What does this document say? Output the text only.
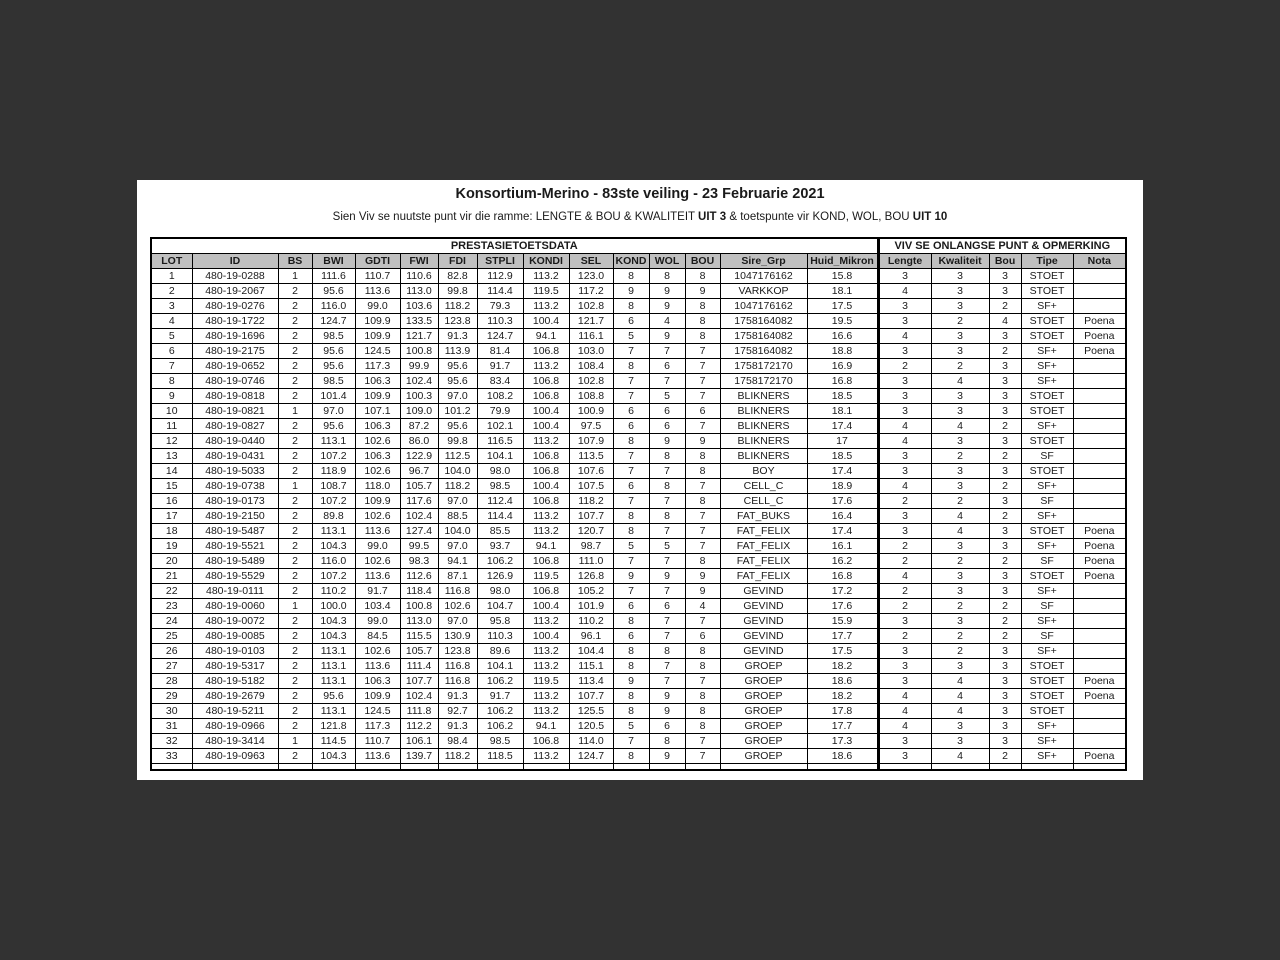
Konsortium-Merino - 83ste veiling - 23 Februarie 2021
Sien Viv se nuutste punt vir die ramme: LENGTE & BOU & KWALITEIT UIT 3 & toetspunte vir KOND, WOL, BOU UIT 10
PRESTASIETOETSDATA															VIV SE ONLANGSE PUNT & OPMERKING				
LOT	ID	BS	BWI	GDTI	FWI	FDI	STPLI	KONDI	SEL	KOND	WOL	BOU	Sire_Grp	Huid_Mikron	Lengte	Kwaliteit	Bou	Tipe	Nota
1	480-19-0288	1	111.6	110.7	110.6	82.8	112.9	113.2	123.0	8	8	8	1047176162	15.8	3	3	3	STOET	
2	480-19-2067	2	95.6	113.6	113.0	99.8	114.4	119.5	117.2	9	9	9	VARKKOP	18.1	4	3	3	STOET	
3	480-19-0276	2	116.0	99.0	103.6	118.2	79.3	113.2	102.8	8	9	8	1047176162	17.5	3	3	2	SF+	
4	480-19-1722	2	124.7	109.9	133.5	123.8	110.3	100.4	121.7	6	4	8	1758164082	19.5	3	2	4	STOET	Poena
5	480-19-1696	2	98.5	109.9	121.7	91.3	124.7	94.1	116.1	5	9	8	1758164082	16.6	4	3	3	STOET	Poena
6	480-19-2175	2	95.6	124.5	100.8	113.9	81.4	106.8	103.0	7	7	7	1758164082	18.8	3	3	2	SF+	Poena
7	480-19-0652	2	95.6	117.3	99.9	95.6	91.7	113.2	108.4	8	6	7	1758172170	16.9	2	2	3	SF+	
8	480-19-0746	2	98.5	106.3	102.4	95.6	83.4	106.8	102.8	7	7	7	1758172170	16.8	3	4	3	SF+	
9	480-19-0818	2	101.4	109.9	100.3	97.0	108.2	106.8	108.8	7	5	7	BLIKNERS	18.5	3	3	3	STOET	
10	480-19-0821	1	97.0	107.1	109.0	101.2	79.9	100.4	100.9	6	6	6	BLIKNERS	18.1	3	3	3	STOET	
11	480-19-0827	2	95.6	106.3	87.2	95.6	102.1	100.4	97.5	6	6	7	BLIKNERS	17.4	4	4	2	SF+	
12	480-19-0440	2	113.1	102.6	86.0	99.8	116.5	113.2	107.9	8	9	9	BLIKNERS	17	4	3	3	STOET	
13	480-19-0431	2	107.2	106.3	122.9	112.5	104.1	106.8	113.5	7	8	8	BLIKNERS	18.5	3	2	2	SF	
14	480-19-5033	2	118.9	102.6	96.7	104.0	98.0	106.8	107.6	7	7	8	BOY	17.4	3	3	3	STOET	
15	480-19-0738	1	108.7	118.0	105.7	118.2	98.5	100.4	107.5	6	8	7	CELL_C	18.9	4	3	2	SF+	
16	480-19-0173	2	107.2	109.9	117.6	97.0	112.4	106.8	118.2	7	7	8	CELL_C	17.6	2	2	3	SF	
17	480-19-2150	2	89.8	102.6	102.4	88.5	114.4	113.2	107.7	8	8	7	FAT_BUKS	16.4	3	4	2	SF+	
18	480-19-5487	2	113.1	113.6	127.4	104.0	85.5	113.2	120.7	8	7	7	FAT_FELIX	17.4	3	4	3	STOET	Poena
19	480-19-5521	2	104.3	99.0	99.5	97.0	93.7	94.1	98.7	5	5	7	FAT_FELIX	16.1	2	3	3	SF+	Poena
20	480-19-5489	2	116.0	102.6	98.3	94.1	106.2	106.8	111.0	7	7	8	FAT_FELIX	16.2	2	2	2	SF	Poena
21	480-19-5529	2	107.2	113.6	112.6	87.1	126.9	119.5	126.8	9	9	9	FAT_FELIX	16.8	4	3	3	STOET	Poena
22	480-19-0111	2	110.2	91.7	118.4	116.8	98.0	106.8	105.2	7	7	9	GEVIND	17.2	2	3	3	SF+	
23	480-19-0060	1	100.0	103.4	100.8	102.6	104.7	100.4	101.9	6	6	4	GEVIND	17.6	2	2	2	SF	
24	480-19-0072	2	104.3	99.0	113.0	97.0	95.8	113.2	110.2	8	7	7	GEVIND	15.9	3	3	2	SF+	
25	480-19-0085	2	104.3	84.5	115.5	130.9	110.3	100.4	96.1	6	7	6	GEVIND	17.7	2	2	2	SF	
26	480-19-0103	2	113.1	102.6	105.7	123.8	89.6	113.2	104.4	8	8	8	GEVIND	17.5	3	2	3	SF+	
27	480-19-5317	2	113.1	113.6	111.4	116.8	104.1	113.2	115.1	8	7	8	GROEP	18.2	3	3	3	STOET	
28	480-19-5182	2	113.1	106.3	107.7	116.8	106.2	119.5	113.4	9	7	7	GROEP	18.6	3	4	3	STOET	Poena
29	480-19-2679	2	95.6	109.9	102.4	91.3	91.7	113.2	107.7	8	9	8	GROEP	18.2	4	4	3	STOET	Poena
30	480-19-5211	2	113.1	124.5	111.8	92.7	106.2	113.2	125.5	8	9	8	GROEP	17.8	4	4	3	STOET	
31	480-19-0966	2	121.8	117.3	112.2	91.3	106.2	94.1	120.5	5	6	8	GROEP	17.7	4	3	3	SF+	
32	480-19-3414	1	114.5	110.7	106.1	98.4	98.5	106.8	114.0	7	8	7	GROEP	17.3	3	3	3	SF+	
33	480-19-0963	2	104.3	113.6	139.7	118.2	118.5	113.2	124.7	8	9	7	GROEP	18.6	3	4	2	SF+	Poena
